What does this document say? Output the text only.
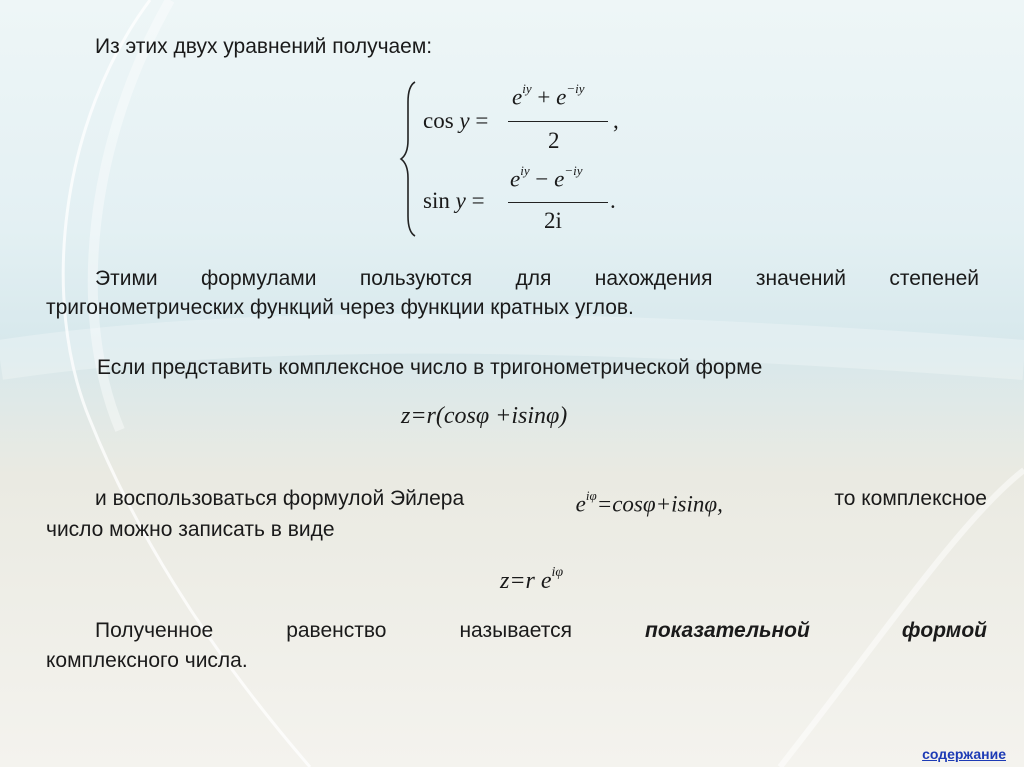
Из этих двух уравнений получаем:
cos y =
$e^{iy} + e^{-iy}$
2
,
sin y =
$e^{iy} - e^{-iy}$
2i
.
Этими формулами пользуются для нахождения значений степеней
тригонометрических функций через функции кратных углов.
Если представить комплексное число в тригонометрической форме
z=r(cosφ +isinφ)
и воспользоваться формулой Эйлера	$e^{i\varphi}=\cos\varphi+isin\varphi$,	то комплексное
число можно записать в виде
z=r $e^{i\varphi}$
Полученное	равенство	называется	показательной формой
комплексного числа.
содержание
